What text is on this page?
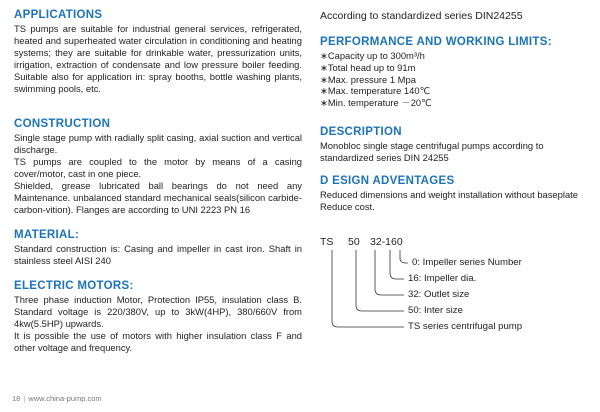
APPLICATIONS

TS pumps are suitable for industrial general services, refrigerated, heated and superheated water circulation in conditioning and heating systems; they are suitable for drinkable water, pressurization units, irrigation, extraction of condensate and low pressure boiler feeding. Suitable also for application in: spray booths, bottle washing plants, swimming pools, etc.

CONSTRUCTION

Single stage pump with radially split casing, axial suction and vertical discharge.

TS pumps are coupled to the motor by means of a casing cover/motor, cast in one piece.

Shielded, grease lubricated ball bearings do not need any Maintenance. unbalanced standard mechanical seals(silicon carbide-carbon-vition). Flanges are according to UNI 2223 PN 16

MATERIAL:

Standard construction is: Casing and impeller in cast iron. Shaft in stainless steel AISI 240

ELECTRIC MOTORS:

Three phase induction Motor, Protection IP55, insulation class B. Standard voltage is 220/380V, up to 3kW(4HP), 380/660V from 4kw(5.5HP) upwards.

It is possible the use of motors with higher insulation class F and other voltage and frequency.

According to standardized series DIN24255

PERFORMANCE AND WORKING LIMITS:
∗Capacity up to 300m³/h
∗Total head up to 91m
∗Max. pressure 1 Mpa
∗Max. temperature 140℃
∗Min. temperature －20℃
DESCRIPTION

Monobloc single stage centrifugal pumps according to standardized series DIN 24255

D ESIGN ADVENTAGES

Reduced dimensions and weight installation without baseplate Reduce cost.

TS 50 32-160
0: Impeller series Number
16: Impeller dia.
32: Outlet size
50: Inter size
TS series centrifugal pump
18 | www.china-pump.com
